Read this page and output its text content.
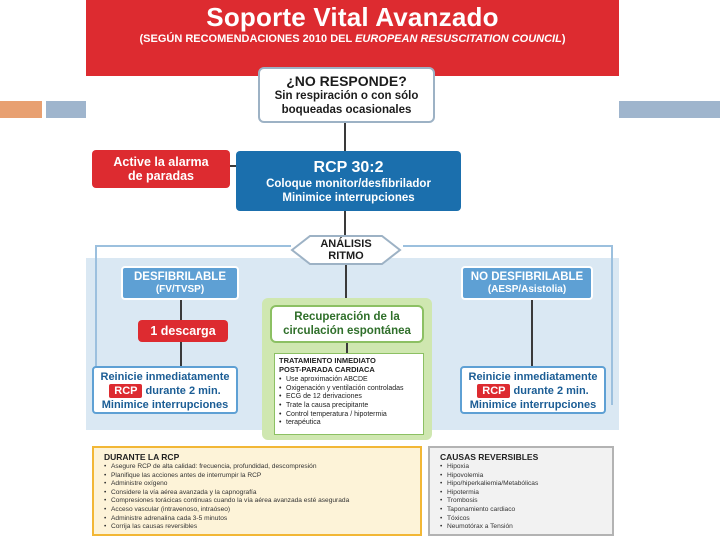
Soporte Vital Avanzado
(SEGÚN RECOMENDACIONES 2010 DEL EUROPEAN RESUSCITATION COUNCIL)
¿NO RESPONDE?
Sin respiración o con sólo
boqueadas ocasionales
Active la alarma
de paradas
RCP 30:2
Coloque monitor/desfibrilador
Minimice interrupciones
ANÁLISIS
RITMO
DESFIBRILABLE
(FV/TVSP)
NO DESFIBRILABLE
(AESP/Asistolia)
1 descarga
Reinicie inmediatamente
RCP durante 2 min.
Minimice interrupciones
Reinicie inmediatamente
RCP durante 2 min.
Minimice interrupciones
Recuperación de la
circulación espontánea
TRATAMIENTO INMEDIATO
POST-PARADA CARDIACA
• Use aproximación ABCDE
• Oxigenación y ventilación controladas
• ECG de 12 derivaciones
• Trate la causa precipitante
• Control temperatura / hipotermia
• terapéutica
DURANTE LA RCP
• Asegure RCP de alta calidad: frecuencia, profundidad, descompresión
• Planifique las acciones antes de interrumpir la RCP
• Administre oxígeno
• Considere la vía aérea avanzada y la capnografía
• Compresiones torácicas continuas cuando la vía aérea avanzada esté asegurada
• Acceso vascular (intravenoso, intraóseo)
• Administre adrenalina cada 3-5 minutos
• Corrija las causas reversibles
CAUSAS REVERSIBLES
• Hipoxia
• Hipovolemia
• Hipo/hiperkaliemia/Metabólicas
• Hipotermia
• Trombosis
• Taponamiento cardiaco
• Tóxicos
• Neumotórax a Tensión
